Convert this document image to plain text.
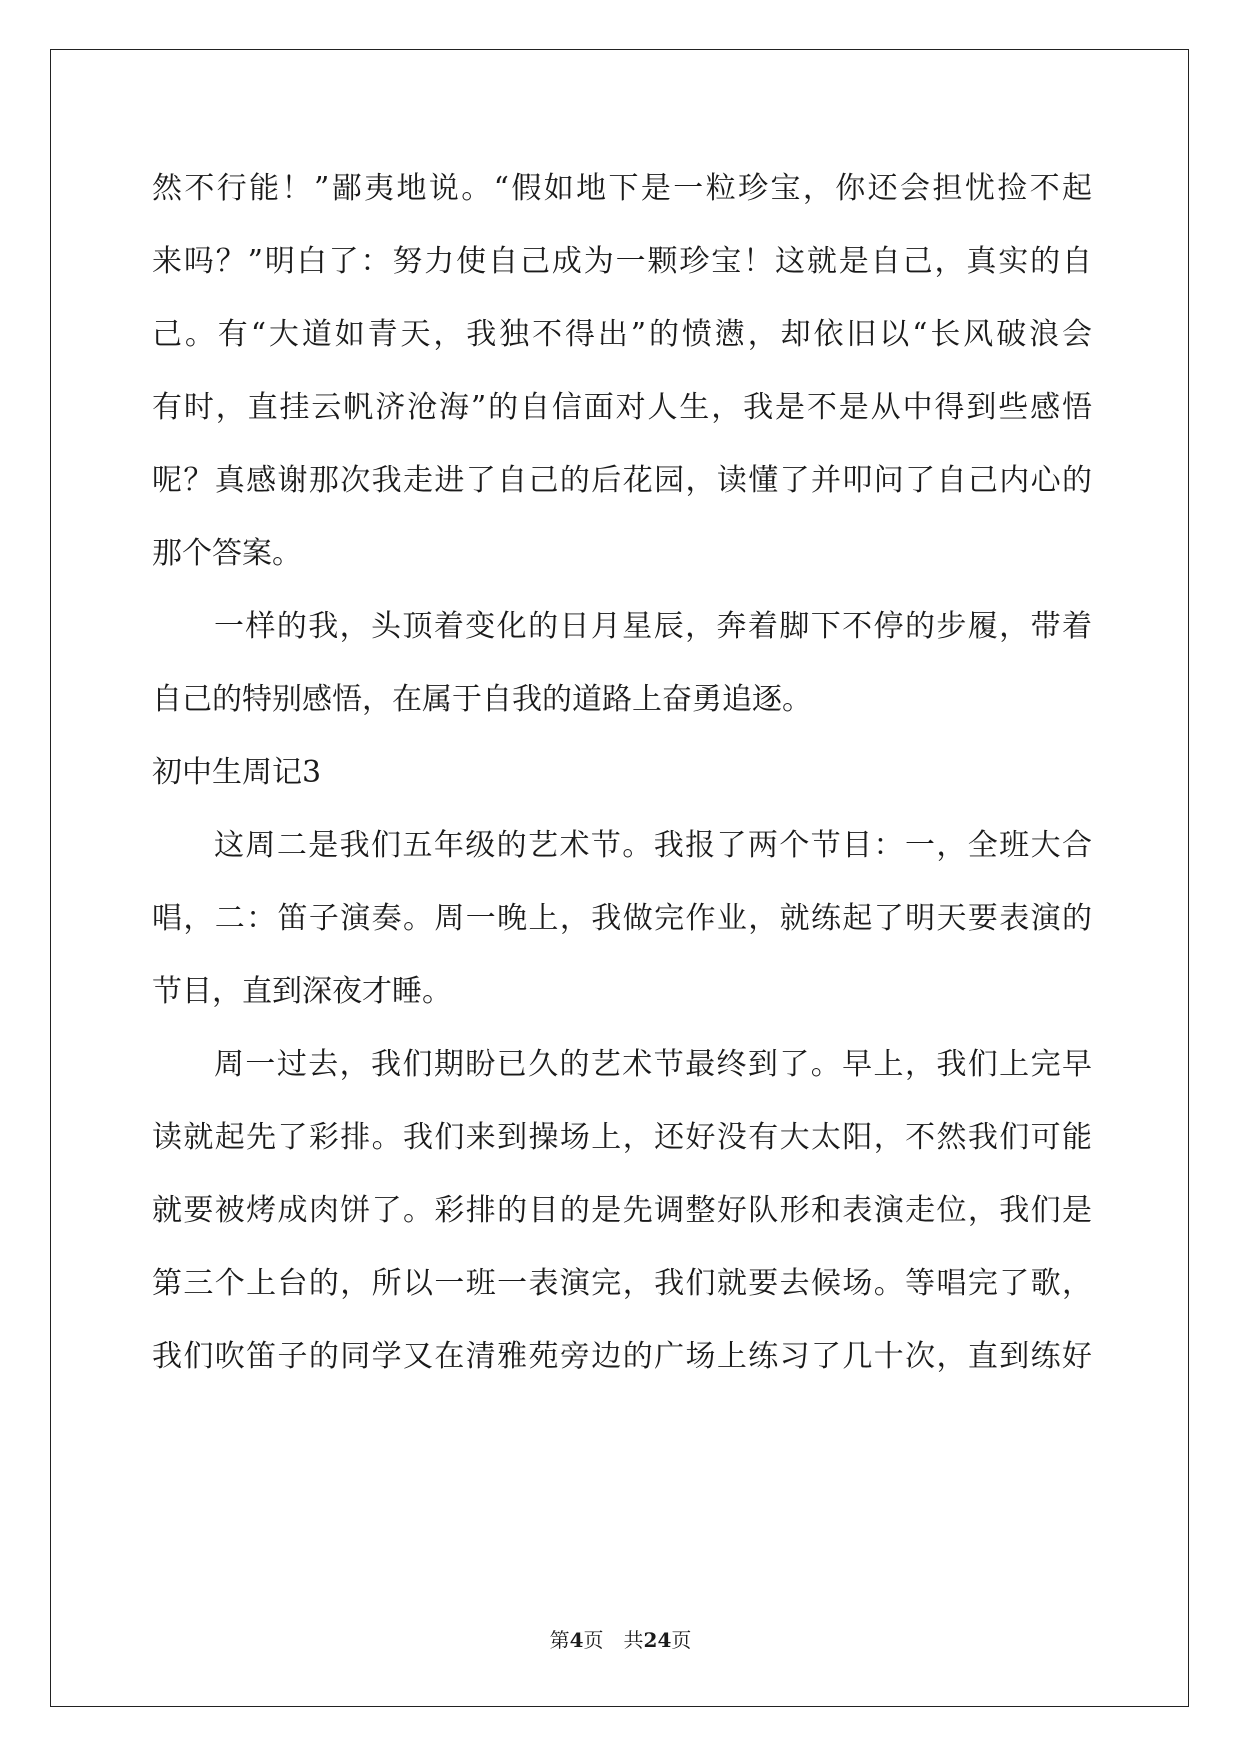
然不行能！”鄙夷地说。“假如地下是一粒珍宝，你还会担忧捡不起
来吗？”明白了：努力使自己成为一颗珍宝！这就是自己，真实的自
己。有“大道如青天，我独不得出”的愤懑，却依旧以“长风破浪会
有时，直挂云帆济沧海”的自信面对人生，我是不是从中得到些感悟
呢？真感谢那次我走进了自己的后花园，读懂了并叩问了自己内心的
那个答案。
一样的我，头顶着变化的日月星辰，奔着脚下不停的步履，带着
自己的特别感悟，在属于自我的道路上奋勇追逐。
初中生周记3
这周二是我们五年级的艺术节。我报了两个节目：一，全班大合
唱，二：笛子演奏。周一晚上，我做完作业，就练起了明天要表演的
节目，直到深夜才睡。
周一过去，我们期盼已久的艺术节最终到了。早上，我们上完早
读就起先了彩排。我们来到操场上，还好没有大太阳，不然我们可能
就要被烤成肉饼了。彩排的目的是先调整好队形和表演走位，我们是
第三个上台的，所以一班一表演完，我们就要去候场。等唱完了歌，
我们吹笛子的同学又在清雅苑旁边的广场上练习了几十次，直到练好
第4页 共24页
